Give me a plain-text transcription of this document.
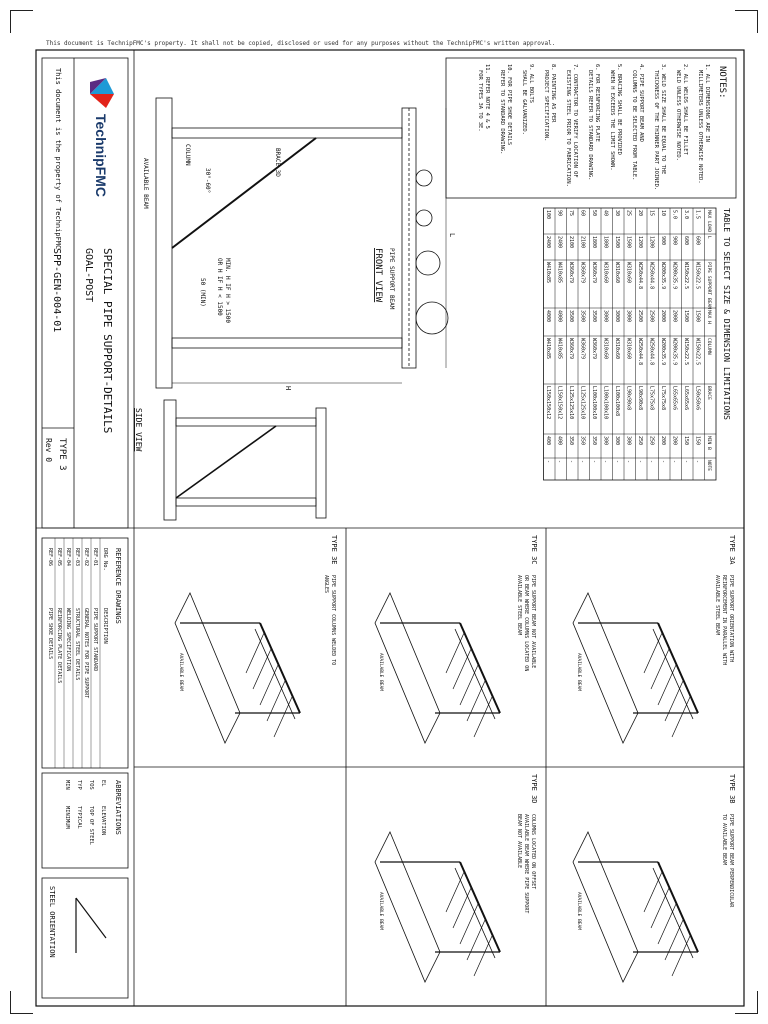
This document is TechnipFMC's property. It shall not be copied, disclosed or used for any purposes without the TechnipFMC's written approval.
NOTES:
1. ALL DIMENSIONS ARE INMILLIMETERS UNLESS OTHERWISE NOTED.
2. ALL WELDS SHALL BE FILLETWELD UNLESS OTHERWISE NOTED.
3. WELD SIZE SHALL BE EQUAL TO THETHICKNESS OF THE THINNER PART JOINED.
4. PIPE SUPPORT BEAM ANDCOLUMNS TO BE SELECTED FROM TABLE.
5. BRACING SHALL BE PROVIDEDWHEN H EXCEEDS THE LIMIT SHOWN.
6. FOR REINFORCING PLATEDETAILS REFER TO STANDARD DRAWING.
7. CONTRACTOR TO VERIFY LOCATION OFEXISTING STEEL PRIOR TO FABRICATION.
8. PAINTING AS PERPROJECT SPECIFICATION.
9. ALL BOLTSSHALL BE GALVANIZED.
10. FOR PIPE SHOE DETAILSREFER TO STANDARD DRAWING.
11. REFER NOTE 4 & 5FOR TYPES 3A TO 3E.
TABLE TO SELECT SIZE & DIMENSION LIMITATIONS
MAX LOAD
L
PIPE SUPPORT BEAM
MAX H
COLUMN
BRACE
MIN B
NOTE
1.5
600
W150x22.5
1500
W150x22.5
L50x50x6
150
-
3.0
600
W150x22.5
1500
W150x22.5
L65x65x6
150
-
5.0
900
W200x35.9
2000
W200x35.9
L65x65x6
200
-
10
900
W200x35.9
2000
W200x35.9
L75x75x8
200
-
15
1200
W250x44.8
2500
W250x44.8
L75x75x8
250
-
20
1200
W250x44.8
2500
W250x44.8
L90x90x8
250
-
25
1500
W310x60
3000
W310x60
L90x90x8
300
-
30
1500
W310x60
3000
W310x60
L100x100x8
300
-
40
1800
W310x60
3000
W310x60
L100x100x10
300
-
50
1800
W360x79
3500
W360x79
L100x100x10
350
-
60
2100
W360x79
3500
W360x79
L125x125x10
350
-
75
2100
W360x79
3500
W360x79
L125x125x10
350
-
90
2400
W410x85
4000
W410x85
L150x150x12
400
-
100
2400
W410x85
4000
W410x85
L150x150x12
400
-
FRONT VIEW
L
H
BRACE 3D
COLUMN
PIPE SUPPORT BEAM
AVAILABLE BEAM
MIN. H IF H > 1500
OR H IF H < 1500
50 (MIN)
30°-60°
SIDE VIEW
TYPE 3A
PIPE SUPPORT ORIENTATION WITHREINFORCEMENT IN PARALLEL WITHAVAILABLE STEEL BEAM
AVAILABLE BEAM
TYPE 3B
PIPE SUPPORT BEAM PERPENDICULARTO AVAILABLE BEAM
AVAILABLE BEAM
TYPE 3C
PIPE SUPPORT BEAM NOT AVAILABLEOR BEAM WHERE COLUMNS LOCATED ONAVAILABLE STEEL BEAM
AVAILABLE BEAM
TYPE 3D
COLUMNS LOCATED ON OFFSETAVAILABLE BEAM WHERE PIPE SUPPORTBEAM NOT AVAILABLE
AVAILABLE BEAM
TYPE 3E
PIPE SUPPORT COLUMNS WELDED TOANGLES
AVAILABLE BEAM
REFERENCE DRAWINGS
DRG No.
DESCRIPTION
REF-01
PIPE SUPPORT STANDARD
REF-02
GENERAL NOTES FOR PIPE SUPPORT
REF-03
STRUCTURAL STEEL DETAILS
REF-04
WELDING SPECIFICATION
REF-05
REINFORCING PLATE DETAILS
REF-06
PIPE SHOE DETAILS
ABBREVIATIONS
EL
ELEVATION
TOS
TOP OF STEEL
TYP
TYPICAL
MIN
MINIMUM
TechnipFMC
SPECIAL PIPE SUPPORT-DETAILS
GOAL-POST
This document is the property of TechnipFMC
SPP-GEN-004-01
TYPE 3
Rev 0
STEEL ORIENTATION
